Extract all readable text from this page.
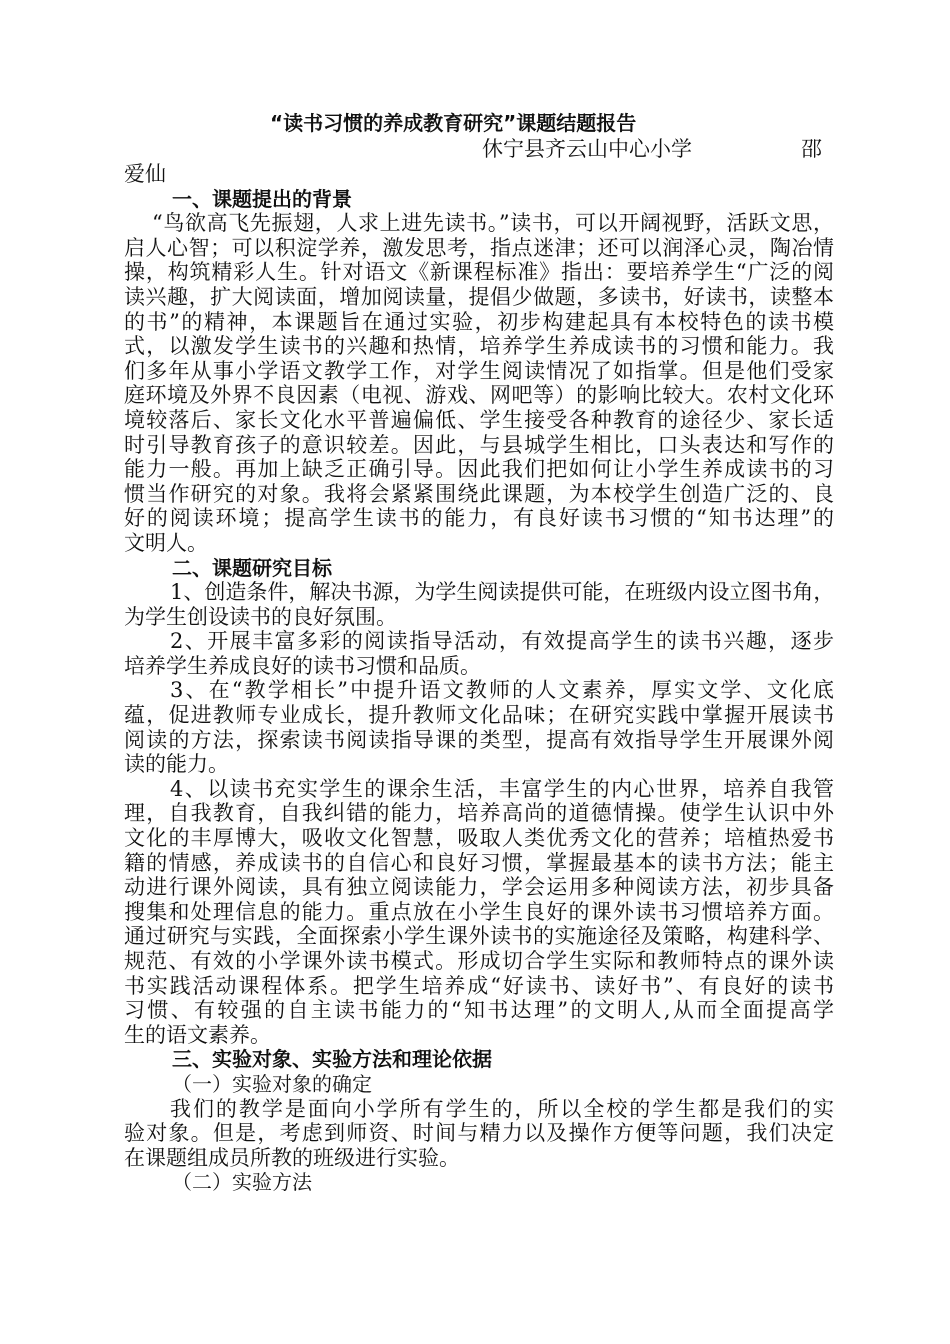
“读书习惯的养成教育研究”课题结题报告
休宁县齐云山中心小学	邵
爱仙
一、课题提出的背景
“鸟欲高飞先振翅，人求上进先读书。”读书，可以开阔视野，活跃文思，
启人心智；可以积淀学养，激发思考，指点迷津；还可以润泽心灵，陶冶情
操，构筑精彩人生。针对语文《新课程标准》指出：要培养学生“广泛的阅
读兴趣，扩大阅读面，增加阅读量，提倡少做题，多读书，好读书，读整本
的书”的精神，本课题旨在通过实验，初步构建起具有本校特色的读书模
式，以激发学生读书的兴趣和热情，培养学生养成读书的习惯和能力。我
们多年从事小学语文教学工作，对学生阅读情况了如指掌。但是他们受家
庭环境及外界不良因素（电视、游戏、网吧等）的影响比较大。农村文化环
境较落后、家长文化水平普遍偏低、学生接受各种教育的途径少、家长适
时引导教育孩子的意识较差。因此，与县城学生相比，口头表达和写作的
能力一般。再加上缺乏正确引导。因此我们把如何让小学生养成读书的习
惯当作研究的对象。我将会紧紧围绕此课题，为本校学生创造广泛的、良
好的阅读环境；提高学生读书的能力，有良好读书习惯的“知书达理”的
文明人。
二、课题研究目标
1、创造条件，解决书源，为学生阅读提供可能，在班级内设立图书角，
为学生创设读书的良好氛围。
2、开展丰富多彩的阅读指导活动，有效提高学生的读书兴趣，逐步
培养学生养成良好的读书习惯和品质。
3、在“教学相长”中提升语文教师的人文素养，厚实文学、文化底
蕴，促进教师专业成长，提升教师文化品味；在研究实践中掌握开展读书
阅读的方法，探索读书阅读指导课的类型，提高有效指导学生开展课外阅
读的能力。
4、以读书充实学生的课余生活，丰富学生的内心世界，培养自我管
理，自我教育，自我纠错的能力，培养高尚的道德情操。使学生认识中外
文化的丰厚博大，吸收文化智慧，吸取人类优秀文化的营养；培植热爱书
籍的情感，养成读书的自信心和良好习惯，掌握最基本的读书方法；能主
动进行课外阅读，具有独立阅读能力，学会运用多种阅读方法，初步具备
搜集和处理信息的能力。重点放在小学生良好的课外读书习惯培养方面。
通过研究与实践，全面探索小学生课外读书的实施途径及策略，构建科学、
规范、有效的小学课外读书模式。形成切合学生实际和教师特点的课外读
书实践活动课程体系。把学生培养成“好读书、读好书”、有良好的读书
习惯、有较强的自主读书能力的“知书达理”的文明人,从而全面提高学
生的语文素养。
三、实验对象、实验方法和理论依据
（一）实验对象的确定
我们的教学是面向小学所有学生的，所以全校的学生都是我们的实
验对象。但是，考虑到师资、时间与精力以及操作方便等问题，我们决定
在课题组成员所教的班级进行实验。
（二）实验方法
